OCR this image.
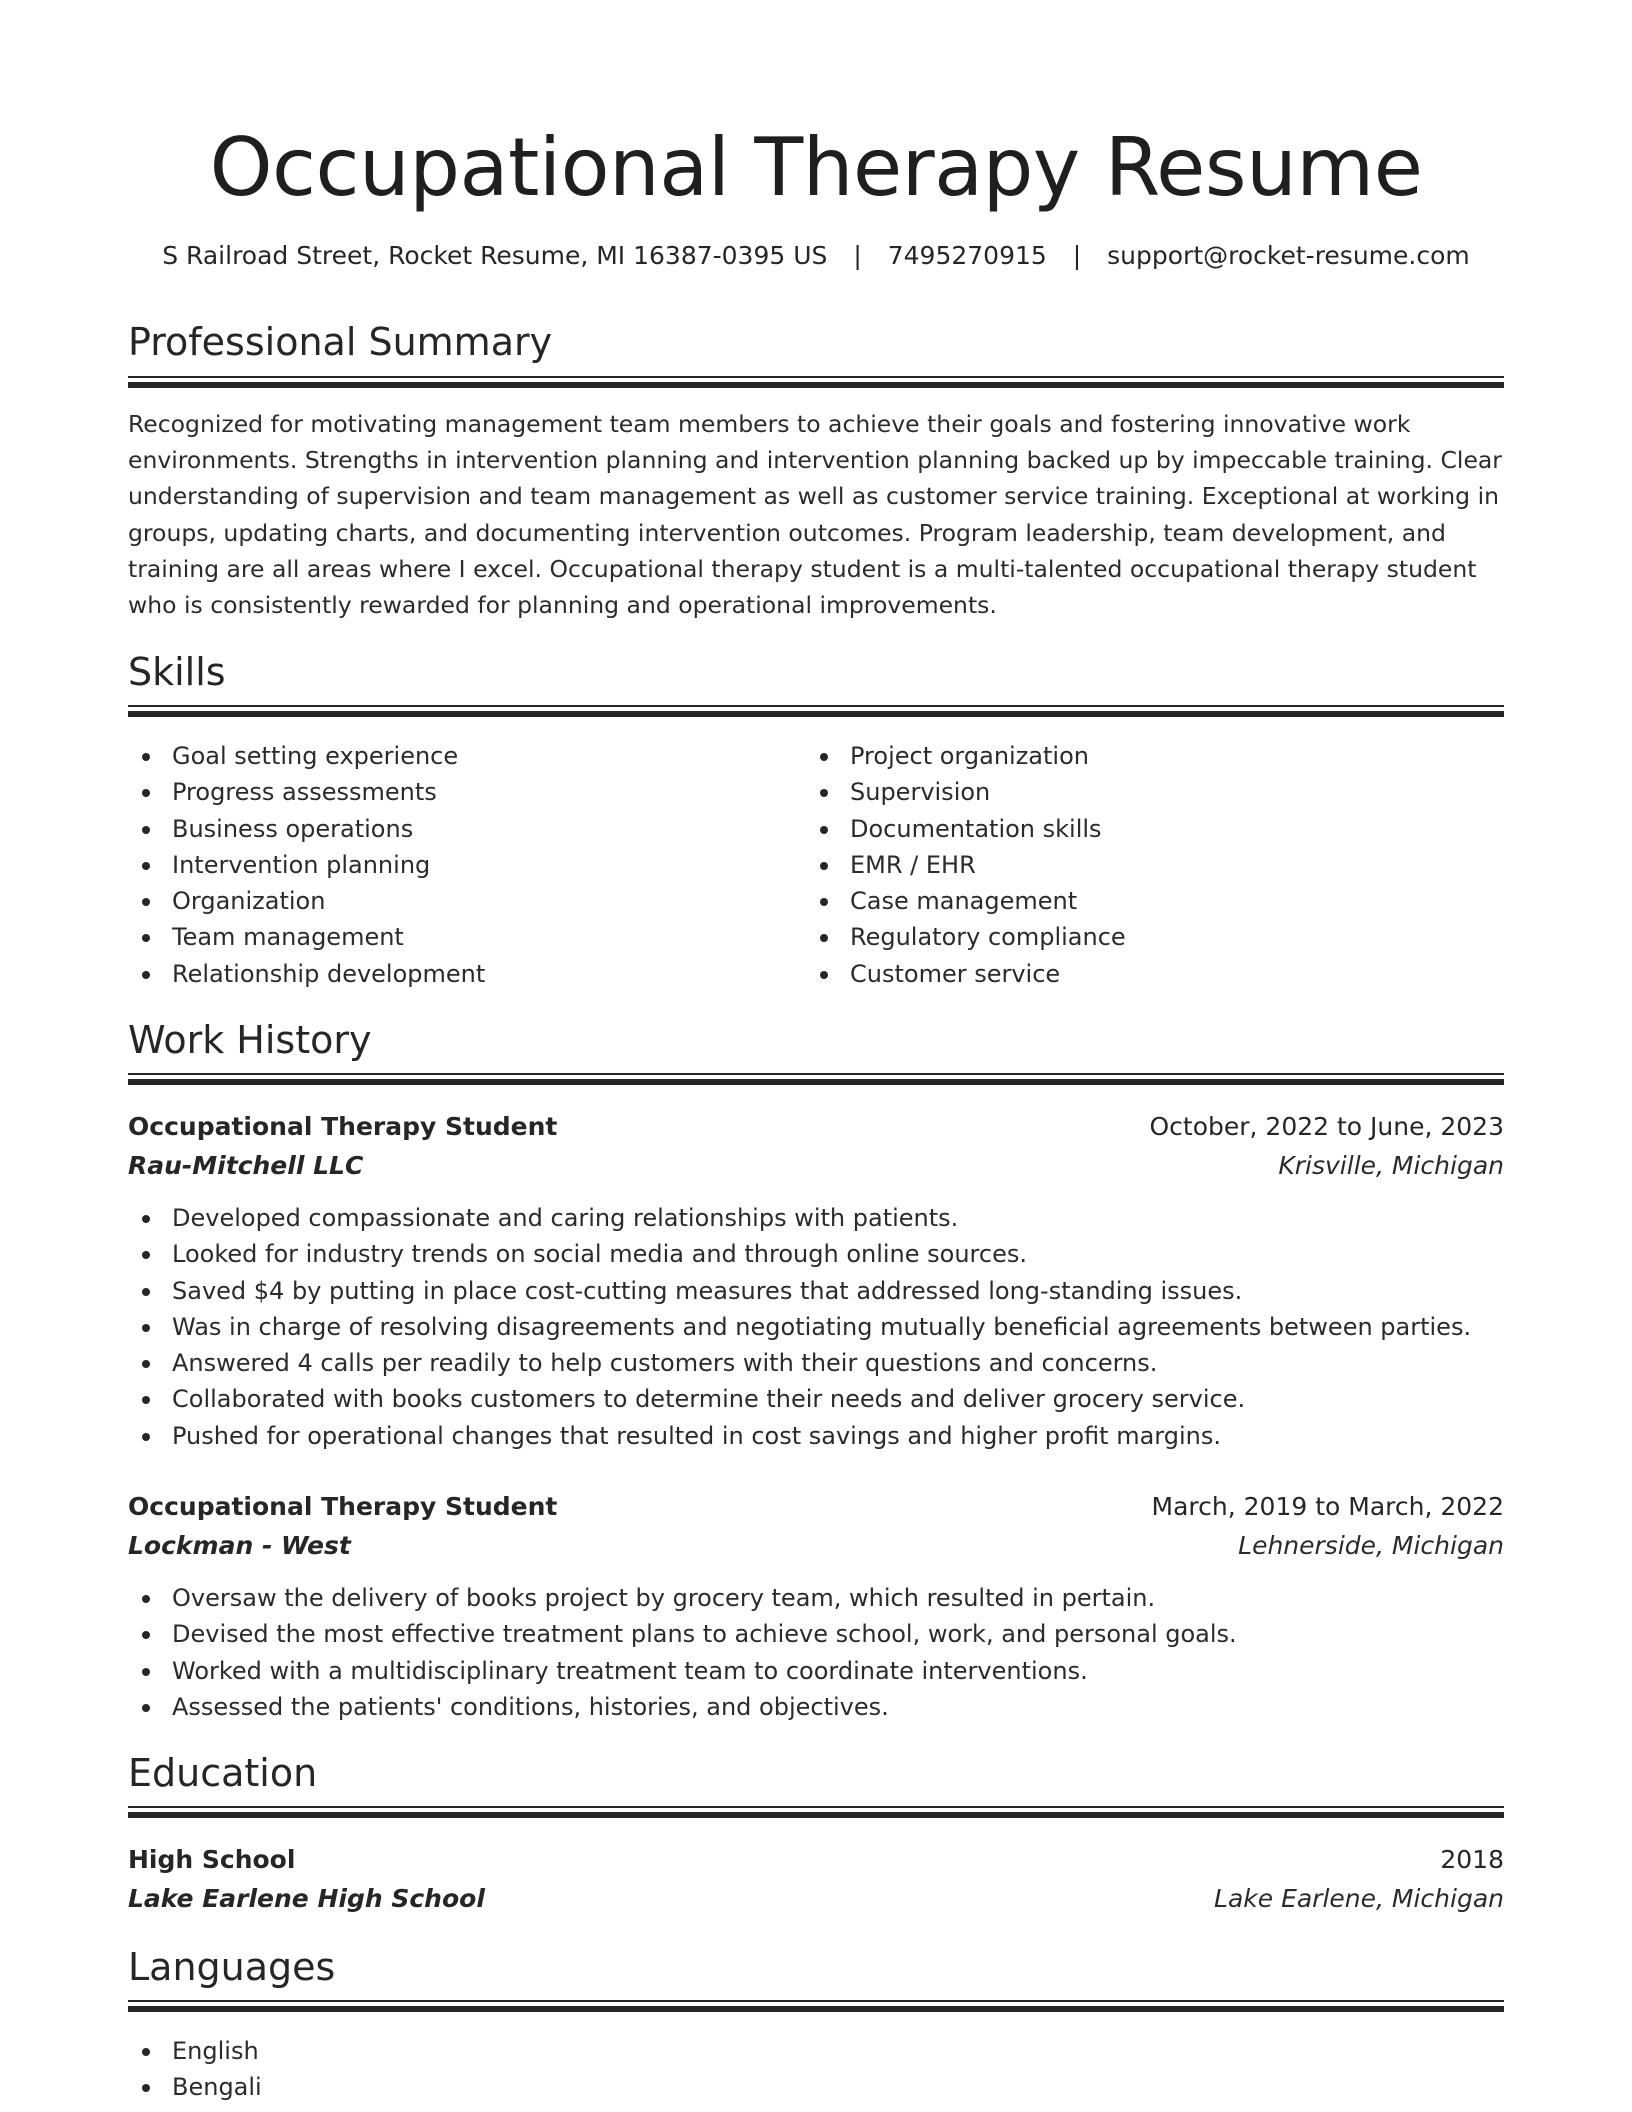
Occupational Therapy Resume
S Railroad Street, Rocket Resume, MI 16387-0395 US | 7495270915 | support@rocket-resume.com
Professional Summary

Recognized for motivating management team members to achieve their goals and fostering innovative work environments. Strengths in intervention planning and intervention planning backed up by impeccable training. Clear understanding of supervision and team management as well as customer service training. Exceptional at working in groups, updating charts, and documenting intervention outcomes. Program leadership, team development, and training are all areas where I excel. Occupational therapy student is a multi-talented occupational therapy student who is consistently rewarded for planning and operational improvements.

Skills
Goal setting experience
Progress assessments
Business operations
Intervention planning
Organization
Team management
Relationship development
Project organization
Supervision
Documentation skills
EMR / EHR
Case management
Regulatory compliance
Customer service
Work History
Occupational Therapy Student	October, 2022 to June, 2023
Rau-Mitchell LLC	Krisville, Michigan
Developed compassionate and caring relationships with patients.
Looked for industry trends on social media and through online sources.
Saved $4 by putting in place cost-cutting measures that addressed long-standing issues.
Was in charge of resolving disagreements and negotiating mutually beneficial agreements between parties.
Answered 4 calls per readily to help customers with their questions and concerns.
Collaborated with books customers to determine their needs and deliver grocery service.
Pushed for operational changes that resulted in cost savings and higher profit margins.
Occupational Therapy Student	March, 2019 to March, 2022
Lockman - West	Lehnerside, Michigan
Oversaw the delivery of books project by grocery team, which resulted in pertain.
Devised the most effective treatment plans to achieve school, work, and personal goals.
Worked with a multidisciplinary treatment team to coordinate interventions.
Assessed the patients' conditions, histories, and objectives.
Education
High School	2018
Lake Earlene High School	Lake Earlene, Michigan
Languages
English
Bengali
